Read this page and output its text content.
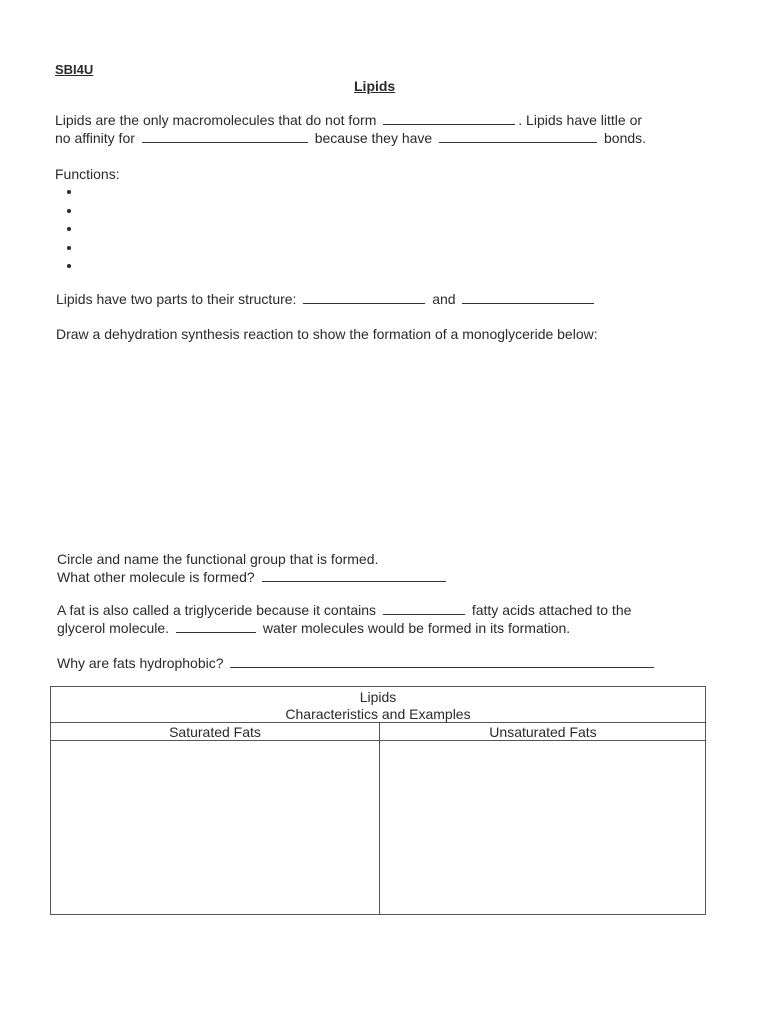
SBI4U
Lipids
Lipids are the only macromolecules that do not form	. Lipids have little or
no affinity for	because they have	bonds.
Functions:
Lipids have two parts to their structure:	and
Draw a dehydration synthesis reaction to show the formation of a monoglyceride below:
Circle and name the functional group that is formed.
What other molecule is formed?
A fat is also called a triglyceride because it contains	fatty acids attached to the
glycerol molecule.	water molecules would be formed in its formation.
Why are fats hydrophobic?
Lipids
Characteristics and Examples
Saturated Fats	Unsaturated Fats
